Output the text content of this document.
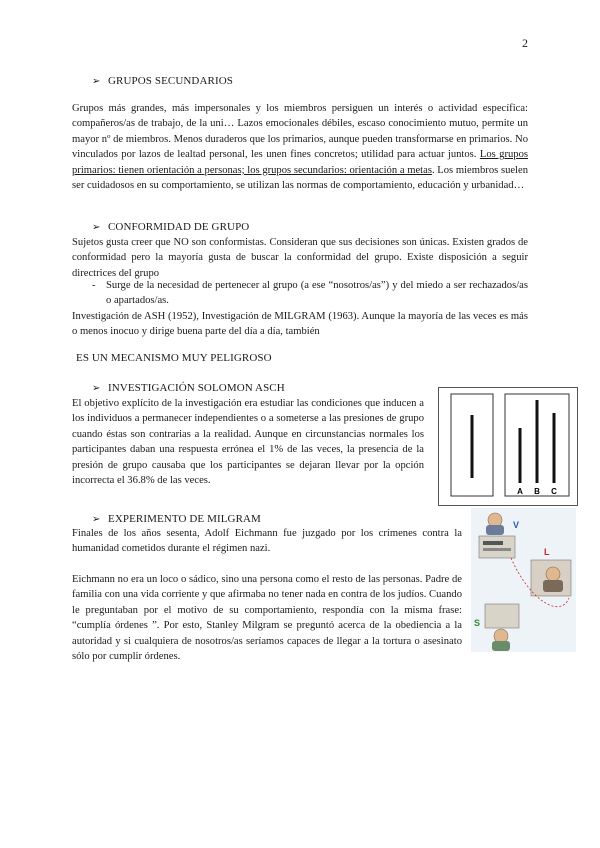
2
➢ GRUPOS SECUNDARIOS

Grupos más grandes, más impersonales y los miembros persiguen un interés o actividad específica: compañeros/as de trabajo, de la uni… Lazos emocionales débiles, escaso conocimiento mutuo, permite un mayor nº de miembros. Menos duraderos que los primarios, aunque pueden transformarse en primarios. No vinculados por lazos de lealtad personal, les unen fines concretos; utilidad para actuar juntos. Los grupos primarios: tienen orientación a personas; los grupos secundarios: orientación a metas. Los miembros suelen ser cuidadosos en su comportamiento, se utilizan las normas de comportamiento, educación y urbanidad…

➢ CONFORMIDAD DE GRUPO

Sujetos gusta creer que NO son conformistas. Consideran que sus decisiones son únicas. Existen grados de conformidad pero la mayoría gusta de buscar la conformidad del grupo. Existe disposición a seguir directrices del grupo

- Surge de la necesidad de pertenecer al grupo (a ese “nosotros/as”) y del miedo a ser rechazados/as o apartados/as.

Investigación de ASH (1952), Investigación de MILGRAM (1963). Aunque la mayoría de las veces es más o menos inocuo y dirige buena parte del día a día, también

ES UN MECANISMO MUY PELIGROSO
➢ INVESTIGACIÓN SOLOMON ASCH

El objetivo explícito de la investigación era estudiar las condiciones que inducen a los individuos a permanecer independientes o a someterse a las presiones de grupo cuando éstas son contrarias a la realidad. Aunque en circunstancias normales los participantes daban una respuesta errónea el 1% de las veces, la presencia de la presión de grupo causaba que los participantes se dejaran llevar por la opción incorrecta el 36.8% de las veces.

A B C
➢ EXPERIMENTO DE MILGRAM

Finales de los años sesenta, Adolf Eichmann fue juzgado por los crímenes contra la humanidad cometidos durante el régimen nazi.

Eichmann no era un loco o sádico, sino una persona como el resto de las personas. Padre de familia con una vida corriente y que afirmaba no tener nada en contra de los judíos. Cuando le preguntaban por el motivo de su comportamiento, respondía con la misma frase: “cumplía órdenes ”. Por esto, Stanley Milgram se preguntó acerca de la obediencia a la autoridad y si cualquiera de nosotros/as seríamos capaces de llegar a la tortura o asesinato sólo por cumplir órdenes.

V
L
S
